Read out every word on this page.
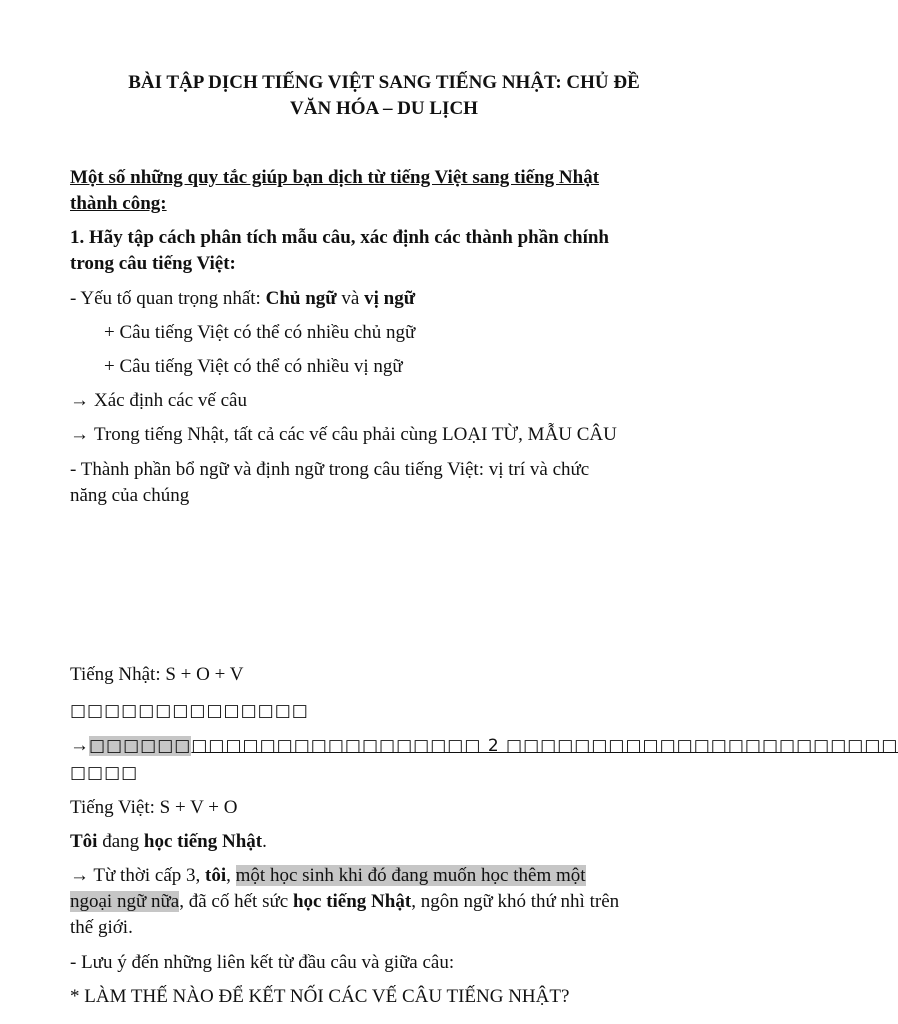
BÀI TẬP DỊCH TIẾNG VIỆT SANG TIẾNG NHẬT: CHỦ ĐỀ
VĂN HÓA – DU LỊCH
Một số những quy tắc giúp bạn dịch từ tiếng Việt sang tiếng Nhật
thành công:
1. Hãy tập cách phân tích mẫu câu, xác định các thành phần chính
trong câu tiếng Việt:
- Yếu tố quan trọng nhất: Chủ ngữ và vị ngữ
+ Câu tiếng Việt có thể có nhiều chủ ngữ
+ Câu tiếng Việt có thể có nhiều vị ngữ
→ Xác định các vế câu
→ Trong tiếng Nhật, tất cả các vế câu phải cùng LOẠI TỪ, MẪU CÂU
- Thành phần bổ ngữ và định ngữ trong câu tiếng Việt: vị trí và chức
năng của chúng
Tiếng Nhật: S + O + V
□□□□□□□□□□□□□□
→□□□□□□□□□□□□□□□□□□□□□□□ 2 □□□□□□□□□□□□□□□□□□□□□□□
□□□□
Tiếng Việt: S + V + O
Tôi đang học tiếng Nhật.
→ Từ thời cấp 3, tôi, một học sinh khi đó đang muốn học thêm một
ngoại ngữ nữa, đã cố hết sức học tiếng Nhật, ngôn ngữ khó thứ nhì trên
thế giới.
- Lưu ý đến những liên kết từ đầu câu và giữa câu:
* LÀM THẾ NÀO ĐỂ KẾT NỐI CÁC VẾ CÂU TIẾNG NHẬT?
